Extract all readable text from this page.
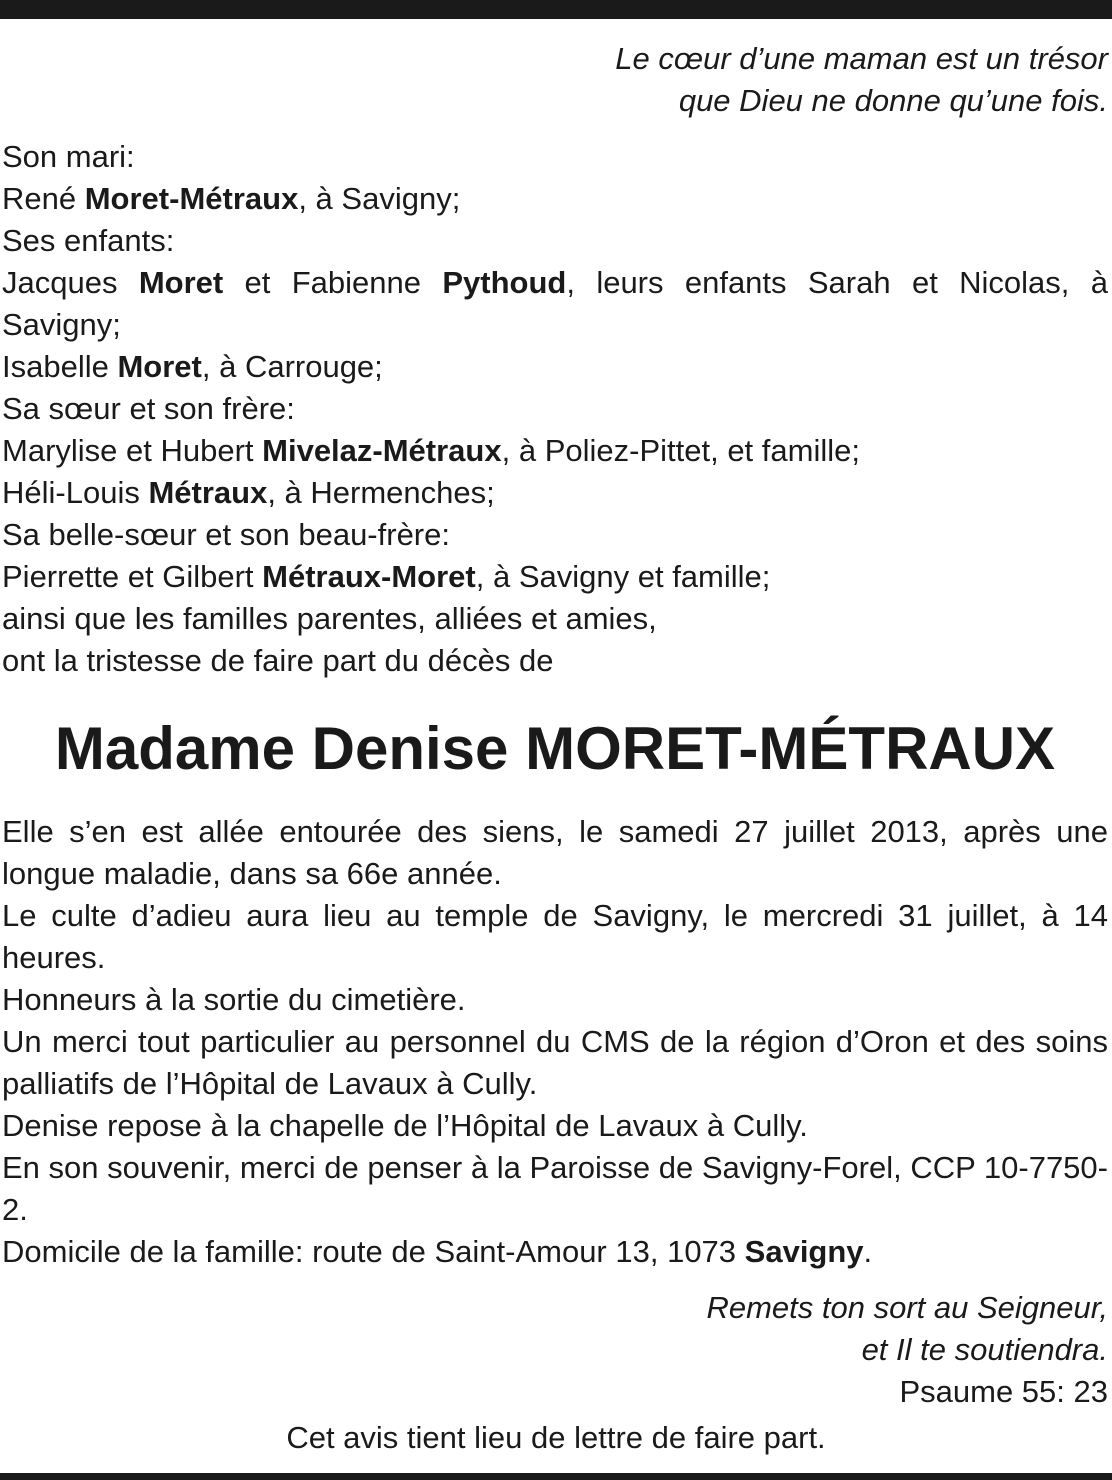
Le cœur d’une maman est un trésor

que Dieu ne donne qu’une fois.

Son mari:

René Moret-Métraux, à Savigny;

Ses enfants:

Jacques Moret et Fabienne Pythoud, leurs enfants Sarah et Nicolas, à Savigny;

Isabelle Moret, à Carrouge;

Sa sœur et son frère:

Marylise et Hubert Mivelaz-Métraux, à Poliez-Pittet, et famille;

Héli-Louis Métraux, à Hermenches;

Sa belle-sœur et son beau-frère:

Pierrette et Gilbert Métraux-Moret, à Savigny et famille;

ainsi que les familles parentes, alliées et amies,

ont la tristesse de faire part du décès de

Madame Denise MORET-MÉTRAUX

Elle s’en est allée entourée des siens, le samedi 27 juillet 2013, après une longue maladie, dans sa 66e année.

Le culte d’adieu aura lieu au temple de Savigny, le mercredi 31 juillet, à 14 heures.

Honneurs à la sortie du cimetière.

Un merci tout particulier au personnel du CMS de la région d’Oron et des soins palliatifs de l’Hôpital de Lavaux à Cully.

Denise repose à la chapelle de l’Hôpital de Lavaux à Cully.

En son souvenir, merci de penser à la Paroisse de Savigny-Forel, CCP 10-7750-2.

Domicile de la famille: route de Saint-Amour 13, 1073 Savigny.

Remets ton sort au Seigneur,

et Il te soutiendra.

Psaume 55: 23

Cet avis tient lieu de lettre de faire part.
